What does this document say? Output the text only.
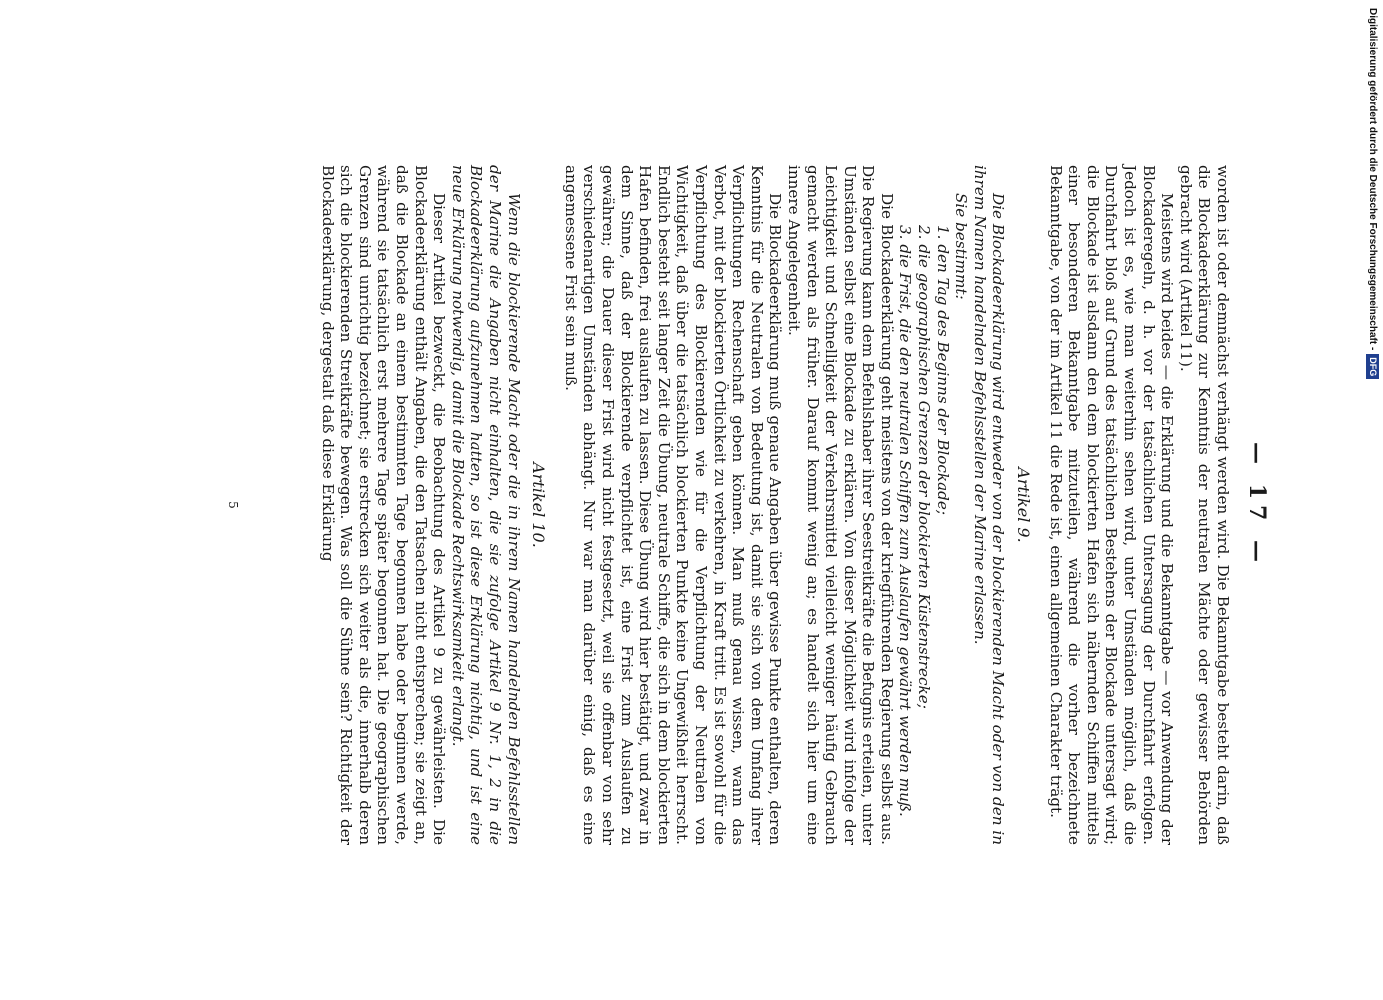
— 17 —

worden ist oder demnächst verhängt werden wird. Die Bekanntgabe besteht darin, daß die Blockadeerklärung zur Kenntnis der neutralen Mächte oder gewisser Behörden gebracht wird (Artikel 11).

Meistens wird beides — die Erklärung und die Bekanntgabe — vor Anwendung der Blockaderegeln, d. h. vor der tatsächlichen Untersagung der Durchfahrt erfolgen. Jedoch ist es, wie man weiterhin sehen wird, unter Umständen möglich, daß die Durchfahrt bloß auf Grund des tatsächlichen Bestehens der Blockade untersagt wird; die Blockade ist alsdann den dem blockierten Hafen sich nähernden Schiffen mittels einer besonderen Bekanntgabe mitzuteilen, während die vorher bezeichnete Bekanntgabe, von der im Artikel 11 die Rede ist, einen allgemeinen Charakter trägt.

Artikel 9.

Die Blockadeerklärung wird entweder von der blockierenden Macht oder von den in ihrem Namen handelnden Befehlsstellen der Marine erlassen.

Sie bestimmt:

1. den Tag des Beginns der Blockade;
2. die geographischen Grenzen der blockierten Küstenstrecke;
3. die Frist, die den neutralen Schiffen zum Auslaufen gewährt werden muß.

Die Blockadeerklärung geht meistens von der kriegführenden Regierung selbst aus. Die Regierung kann dem Befehlshaber ihrer Seestreitkräfte die Befugnis erteilen, unter Umständen selbst eine Blockade zu erklären. Von dieser Möglichkeit wird infolge der Leichtigkeit und Schnelligkeit der Verkehrsmittel vielleicht weniger häufig Gebrauch gemacht werden als früher. Darauf kommt wenig an; es handelt sich hier um eine innere Angelegenheit.

Die Blockadeerklärung muß genaue Angaben über gewisse Punkte enthalten, deren Kenntnis für die Neutralen von Bedeutung ist, damit sie sich von dem Umfang ihrer Verpflichtungen Rechenschaft geben können. Man muß genau wissen, wann das Verbot, mit der blockierten Örtlichkeit zu verkehren, in Kraft tritt. Es ist sowohl für die Verpflichtung des Blockierenden wie für die Verpflichtung der Neutralen von Wichtigkeit, daß über die tatsächlich blockierten Punkte keine Ungewißheit herrscht. Endlich besteht seit langer Zeit die Übung, neutrale Schiffe, die sich in dem blockierten Hafen befinden, frei auslaufen zu lassen. Diese Übung wird hier bestätigt, und zwar in dem Sinne, daß der Blockierende verpflichtet ist, eine Frist zum Auslaufen zu gewähren; die Dauer dieser Frist wird nicht festgesetzt, weil sie offenbar von sehr verschiedenartigen Umständen abhängt. Nur war man darüber einig, daß es eine angemessene Frist sein muß.

Artikel 10.

Wenn die blockierende Macht oder die in ihrem Namen handelnden Befehlsstellen der Marine die Angaben nicht einhalten, die sie zufolge Artikel 9 Nr. 1, 2 in die Blockadeerklärung aufzunehmen hatten, so ist diese Erklärung nichtig, und ist eine neue Erklärung notwendig, damit die Blockade Rechtswirksamkeit erlangt.

Dieser Artikel bezweckt, die Beobachtung des Artikel 9 zu gewährleisten. Die Blockadeerklärung enthält Angaben, die den Tatsachen nicht entsprechen; sie zeigt an, daß die Blockade an einem bestimmten Tage begonnen habe oder beginnen werde, während sie tatsächlich erst mehrere Tage später begonnen hat. Die geographischen Grenzen sind unrichtig bezeichnet; sie erstrecken sich weiter als die, innerhalb deren sich die blockierenden Streitkräfte bewegen. Was soll die Sühne sein? Richtigkeit der Blockadeerklärung, dergestalt daß diese Erklärung

5
Digitalisierung gefördert durch die Deutsche Forschungsgemeinschaft -DFG
